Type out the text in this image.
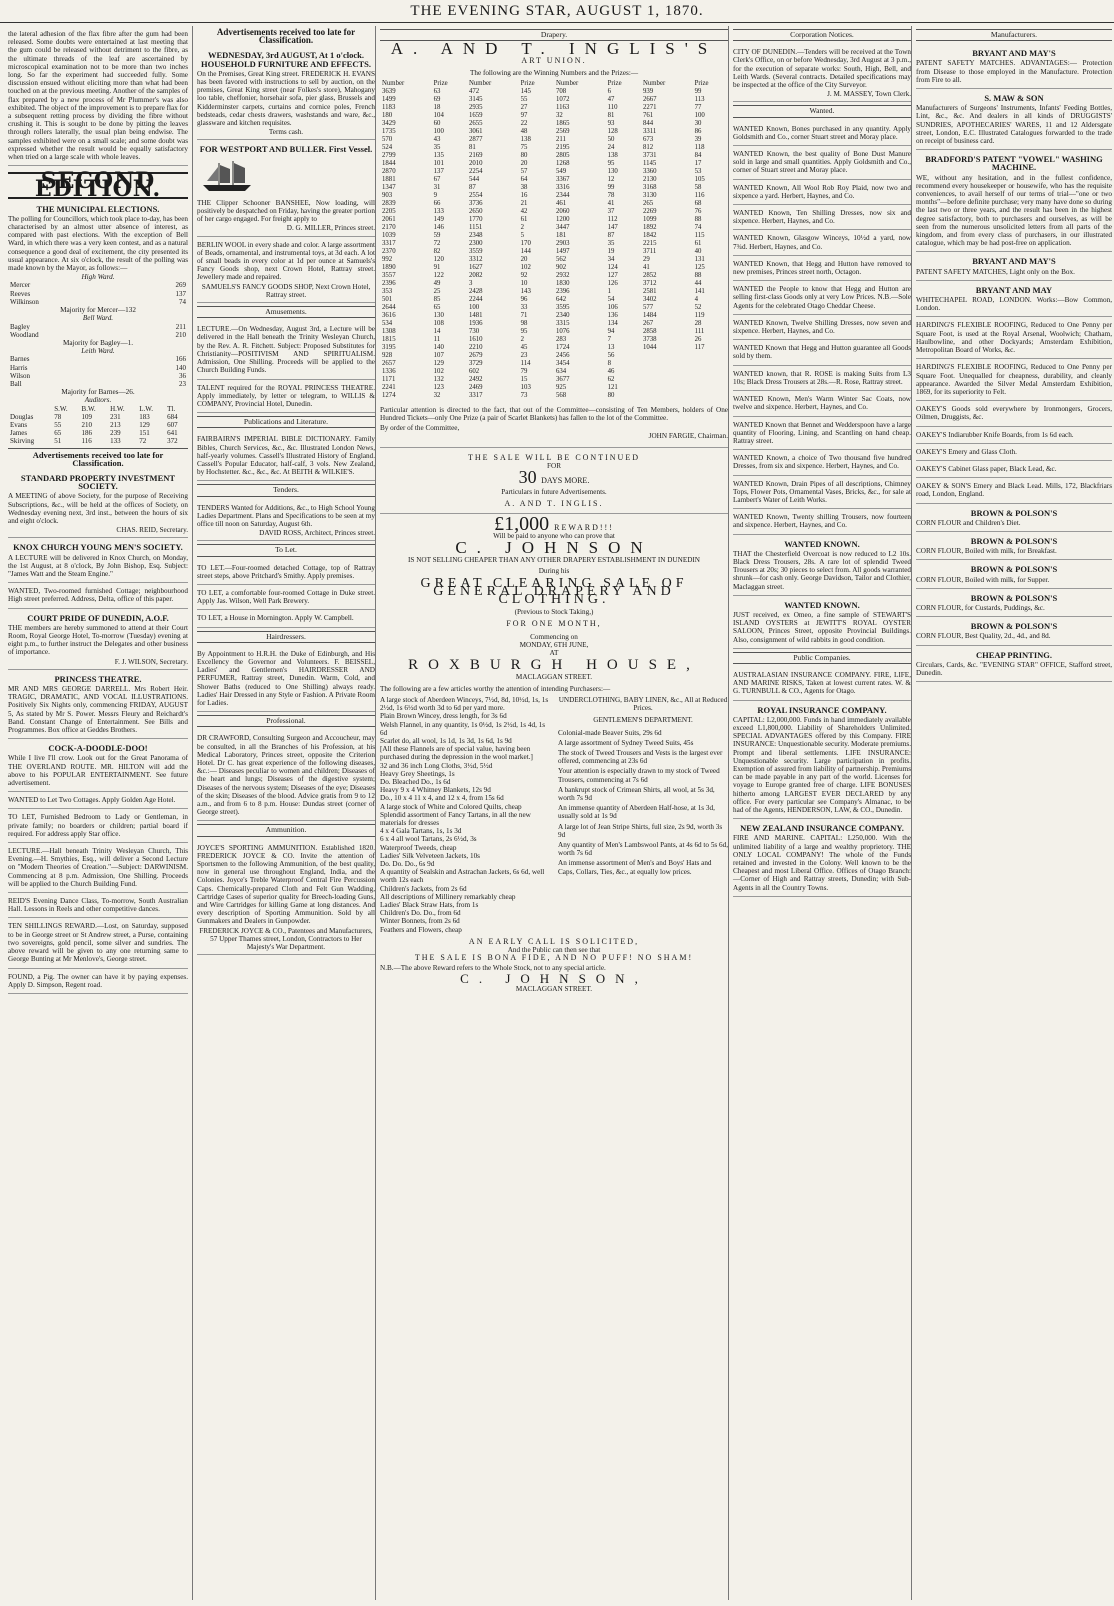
THE EVENING STAR, AUGUST 1, 1870.

the lateral adhesion of the flax fibre after the gum had been released. Some doubts were entertained at last meeting that the gum could be released without detriment to the fibre, as the ultimate threads of the leaf are ascertained by microscopical examination not to be more than two inches long. So far the experiment had succeeded fully. Some discussion ensued without eliciting more than what had been touched on at the previous meeting. Another of the samples of flax prepared by a new process of Mr Plummer's was also exhibited. The object of the improvement is to prepare flax for a subsequent retting process by dividing the fibre without crushing it. This is sought to be done by pitting the leaves through rollers laterally, the usual plan being endwise. The samples exhibited were on a small scale; and some doubt was expressed whether the result would be equally satisfactory when tried on a large scale with whole leaves.

SECOND EDITION.
THE MUNICIPAL ELECTIONS.

The polling for Councillors, which took place to-day, has been characterised by an almost utter absence of interest, as compared with past elections. With the exception of Bell Ward, in which there was a very keen contest, and as a natural consequence a good deal of excitement, the city presented its usual appearance. At six o'clock, the result of the polling was made known by the Mayor, as follows:—

High Ward.
Mercer	269
Reeves	137
Wilkinson	74
Majority for Mercer—132
Bell Ward.
Bagley	211
Woodland	210
Majority for Bagley—1.
Leith Ward.
Barnes	166
Harris	140
Wilson	36
Ball	23
Majority for Barnes—26.
Auditors.
	S.W.	B.W.	H.W.	L.W.	Tl.
Douglas	78	109	231	183	684
Evans	55	210	213	129	607
James	65	186	239	151	641
Skirving	51	116	133	72	372
Advertisements received too late for Classification.
STANDARD PROPERTY INVESTMENT SOCIETY.

A MEETING of above Society, for the purpose of Receiving Subscriptions, &c., will be held at the offices of Society, on Wednesday evening next, 3rd inst., between the hours of six and eight o'clock.

CHAS. REID, Secretary.
KNOX CHURCH YOUNG MEN'S SOCIETY.

A LECTURE will be delivered in Knox Church, on Monday, the 1st August, at 8 o'clock, By John Bishop, Esq. Subject: "James Watt and the Steam Engine."

WANTED, Two-roomed furnished Cottage; neighbourhood High street preferred. Address, Delta, office of this paper.

COURT PRIDE OF DUNEDIN, A.O.F.

THE members are hereby summoned to attend at their Court Room, Royal George Hotel, To-morrow (Tuesday) evening at eight p.m., to further instruct the Delegates and other business of importance.

F. J. WILSON, Secretary.
PRINCESS THEATRE.

MR AND MRS GEORGE DARRELL. Mrs Robert Heir. TRAGIC, DRAMATIC, AND VOCAL ILLUSTRATIONS. Positively Six Nights only, commencing FRIDAY, AUGUST 5, As stated by Mr S. Power. Messrs Fleury and Reichardt's Band. Constant Change of Entertainment. See Bills and Programmes. Box office at Geddes Brothers.

COCK-A-DOODLE-DOO!

While I live I'll crow. Look out for the Great Panorama of THE OVERLAND ROUTE. MR. HILTON will add the above to his POPULAR ENTERTAINMENT. See future advertisement.

WANTED to Let Two Cottages. Apply Golden Age Hotel.

TO LET, Furnished Bedroom to Lady or Gentleman, in private family; no boarders or children; partial board if required. For address apply Star office.

LECTURE.—Hall beneath Trinity Wesleyan Church, This Evening.—H. Smythies, Esq., will deliver a Second Lecture on "Modern Theories of Creation."—Subject: DARWINISM. Commencing at 8 p.m. Admission, One Shilling. Proceeds will be applied to the Church Building Fund.

REID'S Evening Dance Class, To-morrow, South Australian Hall. Lessons in Reels and other competitive dances.

TEN SHILLINGS REWARD.—Lost, on Saturday, supposed to be in George street or St Andrew street, a Purse, containing two sovereigns, gold pencil, some silver and sundries. The above reward will be given to any one returning same to George Bunting at Mr Menlove's, George street.

FOUND, a Pig. The owner can have it by paying expenses. Apply D. Simpson, Regent road.

Advertisements received too late for Classification.
WEDNESDAY, 3rd AUGUST, At 1 o'clock. HOUSEHOLD FURNITURE AND EFFECTS.

On the Premises, Great King street. FREDERICK H. EVANS has been favored with instructions to sell by auction, on the premises, Great King street (near Folkes's store), Mahogany loo table, cheffonier, horsehair sofa, pier glass, Brussels and Kidderminster carpets, curtains and cornice poles, French bedsteads, cedar chests drawers, washstands and ware, &c., glassware and kitchen requisites.

Terms cash.
FOR WESTPORT AND BULLER. First Vessel.

THE Clipper Schooner BANSHEE, Now loading, will positively be despatched on Friday, having the greater portion of her cargo engaged. For freight apply to

D. G. MILLER, Princes street.

BERLIN WOOL in every shade and color. A large assortment of Beads, ornamental, and instrumental toys, at 3d each. A lot of small beads in every color at 1d per ounce at Samuels's Fancy Goods shop, next Crown Hotel, Rattray street. Jewellery made and repaired.

SAMUELS'S FANCY GOODS SHOP, Next Crown Hotel, Rattray street.
Amusements.

LECTURE.—On Wednesday, August 3rd, a Lecture will be delivered in the Hall beneath the Trinity Wesleyan Church, by the Rev. A. R. Fitchett. Subject: Proposed Substitutes for Christianity—POSITIVISM AND SPIRITUALISM. Admission, One Shilling. Proceeds will be applied to the Church Building Funds.

TALENT required for the ROYAL PRINCESS THEATRE. Apply immediately, by letter or telegram, to WILLIS & COMPANY, Provincial Hotel, Dunedin.

Publications and Literature.

FAIRBAIRN'S IMPERIAL BIBLE DICTIONARY. Family Bibles, Church Services, &c., &c. Illustrated London News, half-yearly volumes. Cassell's Illustrated History of England. Cassell's Popular Educator, half-calf, 3 vols. New Zealand, by Hochstetter. &c., &c., &c. At BEITH & WILKIE'S.

Tenders.

TENDERS Wanted for Additions, &c., to High School Young Ladies Department. Plans and Specifications to be seen at my office till noon on Saturday, August 6th.

DAVID ROSS, Architect, Princes street.
To Let.

TO LET.—Four-roomed detached Cottage, top of Rattray street steps, above Pritchard's Smithy. Apply premises.

TO LET, a comfortable four-roomed Cottage in Duke street. Apply Jas. Wilson, Well Park Brewery.

TO LET, a House in Mornington. Apply W. Campbell.

Hairdressers.

By Appointment to H.R.H. the Duke of Edinburgh, and His Excellency the Governor and Volunteers. F. BEISSEL, Ladies' and Gentlemen's HAIRDRESSER AND PERFUMER, Rattray street, Dunedin. Warm, Cold, and Shower Baths (reduced to One Shilling) always ready. Ladies' Hair Dressed in any Style or Fashion. A Private Room for Ladies.

Professional.

DR CRAWFORD, Consulting Surgeon and Accoucheur, may be consulted, in all the Branches of his Profession, at his Medical Laboratory, Princes street, opposite the Criterion Hotel. Dr C. has great experience of the following diseases, &c.:— Diseases peculiar to women and children; Diseases of the heart and lungs; Diseases of the digestive system; Diseases of the nervous system; Diseases of the eye; Diseases of the skin; Diseases of the blood. Advice gratis from 9 to 12 a.m., and from 6 to 8 p.m. House: Dundas street (corner of George street).

Ammunition.

JOYCE'S SPORTING AMMUNITION. Established 1820. FREDERICK JOYCE & CO. Invite the attention of Sportsmen to the following Ammunition, of the best quality, now in general use throughout England, India, and the Colonies. Joyce's Treble Waterproof Central Fire Percussion Caps. Chemically-prepared Cloth and Felt Gun Wadding, Cartridge Cases of superior quality for Breech-loading Guns, and Wire Cartridges for killing Game at long distances. And every description of Sporting Ammunition. Sold by all Gunmakers and Dealers in Gunpowder.

FREDERICK JOYCE & CO., Patentees and Manufacturers, 57 Upper Thames street, London, Contractors to Her Majesty's War Department.
Drapery.
A. AND T. INGLIS'S
ART UNION.
The following are the Winning Numbers and the Prizes:—
Number	Prize	Number	Prize	Number	Prize	Number	Prize
3639	63	472	145	708	6	939	99
1499	69	3145	55	1072	47	2667	113
1183	18	2935	27	1163	110	2271	77
180	104	1659	97	32	81	761	100
3429	60	2655	22	1865	93	844	30
1735	100	3061	48	2569	128	3311	86
570	43	2877	138	211	50	673	39
524	35	81	75	2195	24	812	118
2799	135	2169	80	2805	138	3731	84
1844	101	2010	20	1268	95	1145	17
2870	137	2254	57	549	130	3360	53
1881	67	544	64	3367	12	2130	105
1347	31	87	38	3316	99	3168	58
903	9	2554	16	2344	78	3130	116
2839	66	3736	21	461	41	265	68
2205	133	2650	42	2060	37	2269	76
2061	149	1770	61	1200	112	1099	88
2170	146	1151	2	3447	147	1892	74
1039	59	2348	5	181	87	1842	115
3317	72	2300	170	2903	35	2215	61
2370	82	3559	144	1497	19	3711	40
992	120	3312	20	562	34	29	131
1890	91	1627	102	902	124	41	125
3557	122	2082	92	2932	127	2852	88
2396	49	3	10	1830	126	3712	44
353	25	2428	143	2396	1	2581	141
501	85	2244	96	642	54	3402	4
2644	65	100	33	3595	106	577	52
3616	130	1481	71	2340	136	1484	119
534	108	1936	98	3315	134	267	28
1308	14	730	95	1076	94	2858	111
1815	11	1610	2	283	7	3738	26
3195	140	2210	45	1724	13	1044	117
928	107	2679	23	2456	56		
2657	129	3729	114	3454	8		
1336	102	602	79	634	46		
1171	132	2492	15	3677	62		
2241	123	2469	103	925	121		
1274	32	3317	73	568	80		

Particular attention is directed to the fact, that out of the Committee—consisting of Ten Members, holders of One Hundred Tickets—only One Prize (a pair of Scarlet Blankets) has fallen to the lot of the Committee.

By order of the Committee,
JOHN FARGIE, Chairman.
THE SALE WILL BE CONTINUED
FOR
30 DAYS MORE.
Particulars in future Advertisements.
A. AND T. INGLIS.
£1,000 REWARD!!!
Will be paid to anyone who can prove that
C. JOHNSON
IS NOT SELLING CHEAPER THAN ANY OTHER DRAPERY ESTABLISHMENT IN DUNEDIN
During his
GREAT CLEARING SALE OF GENERAL DRAPERY AND CLOTHING.
(Previous to Stock Taking,)
FOR ONE MONTH,
Commencing on
MONDAY, 6TH JUNE,
AT
ROXBURGH HOUSE,
MACLAGGAN STREET.
The following are a few articles worthy the attention of intending Purchasers:—
A large stock of Aberdeen Winceys, 7½d, 8d, 10½d, 1s, 1s 2½d, 1s 6½d worth 3d to 6d per yard more.
Plain Brown Wincey, dress length, for 3s 6d
Welsh Flannel, in any quantity, 1s 0½d, 1s 2½d, 1s 4d, 1s 6d
Scarlet do, all wool, 1s 1d, 1s 3d, 1s 6d, 1s 9d
[All these Flannels are of special value, having been purchased during the depression in the wool market.]
32 and 36 inch Long Cloths, 3½d, 5½d
Heavy Grey Sheetings, 1s
Do. Bleached Do., 1s 6d
Heavy 9 x 4 Whitney Blankets, 12s 9d
Do., 10 x 4 11 x 4, and 12 x 4, from 15s 6d
A large stock of White and Colored Quilts, cheap
Splendid assortment of Fancy Tartans, in all the new materials for dresses
4 x 4 Gala Tartans, 1s, 1s 3d
6 x 4 all wool Tartans, 2s 6½d, 3s
Waterproof Tweeds, cheap
Ladies' Silk Velveteen Jackets, 10s
Do. Do. Do., 6s 9d
A quantity of Sealskin and Astrachan Jackets, 6s 6d, well worth 12s each
Children's Jackets, from 2s 6d
All descriptions of Millinery remarkably cheap
Ladies' Black Straw Hats, from 1s
Children's Do. Do., from 6d
Winter Bonnets, from 2s 6d
Feathers and Flowers, cheap
UNDERCLOTHING, BABY LINEN, &c., All at Reduced Prices.
GENTLEMEN'S DEPARTMENT.
Colonial-made Beaver Suits, 29s 6d
A large assortment of Sydney Tweed Suits, 45s
The stock of Tweed Trousers and Vests is the largest ever offered, commencing at 23s 6d
Your attention is especially drawn to my stock of Tweed Trousers, commencing at 7s 6d
A bankrupt stock of Crimean Shirts, all wool, at 5s 3d, worth 7s 9d
An immense quantity of Aberdeen Half-hose, at 1s 3d, usually sold at 1s 9d
A large lot of Jean Stripe Shirts, full size, 2s 9d, worth 3s 9d
Any quantity of Men's Lambswool Pants, at 4s 6d to 5s 6d, worth 7s 6d
An immense assortment of Men's and Boys' Hats and Caps, Collars, Ties, &c., at equally low prices.
AN EARLY CALL IS SOLICITED,
And the Public can then see that
THE SALE IS BONA FIDE, AND NO PUFF! NO SHAM!
N.B.—The above Reward refers to the Whole Stock, not to any special article.
C. JOHNSON,
MACLAGGAN STREET.
Corporation Notices.

CITY OF DUNEDIN.—Tenders will be received at the Town Clerk's Office, on or before Wednesday, 3rd August at 3 p.m., for the execution of separate works: South, High, Bell, and Leith Wards. (Several contracts. Detailed specifications may be inspected at the office of the City Surveyor.

J. M. MASSEY, Town Clerk.
Wanted.

WANTED Known, Bones purchased in any quantity. Apply Goldsmith and Co., corner Stuart street and Moray place.

WANTED Known, the best quality of Bone Dust Manure sold in large and small quantities. Apply Goldsmith and Co., corner of Stuart street and Moray place.

WANTED Known, All Wool Rob Roy Plaid, now two and sixpence a yard. Herbert, Haynes, and Co.

WANTED Known, Ten Shilling Dresses, now six and sixpence. Herbert, Haynes, and Co.

WANTED Known, Glasgow Winceys, 10½d a yard, now 7¾d. Herbert, Haynes, and Co.

WANTED Known, that Hegg and Hutton have removed to new premises, Princes street north, Octagon.

WANTED the People to know that Hegg and Hutton are selling first-class Goods only at very Low Prices. N.B.—Sole Agents for the celebrated Otago Cheddar Cheese.

WANTED Known, Twelve Shilling Dresses, now seven and sixpence. Herbert, Haynes, and Co.

WANTED Known that Hegg and Hutton guarantee all Goods sold by them.

WANTED known, that R. ROSE is making Suits from L3 10s; Black Dress Trousers at 28s.—R. Rose, Rattray street.

WANTED Known, Men's Warm Winter Sac Coats, now twelve and sixpence. Herbert, Haynes, and Co.

WANTED Known that Bennet and Wedderspoon have a large quantity of Flooring, Lining, and Scantling on hand cheap. Rattray street.

WANTED Known, a choice of Two thousand five hundred Dresses, from six and sixpence. Herbert, Haynes, and Co.

WANTED Known, Drain Pipes of all descriptions, Chimney Tops, Flower Pots, Ornamental Vases, Bricks, &c., for sale at Lambert's Water of Leith Works.

WANTED Known, Twenty shilling Trousers, now fourteen and sixpence. Herbert, Haynes, and Co.

WANTED KNOWN.

THAT the Chesterfield Overcoat is now reduced to L2 10s. Black Dress Trousers, 28s. A rare lot of splendid Tweed Trousers at 20s; 30 pieces to select from. All goods warranted shrunk—for cash only. George Davidson, Tailor and Clothier, Maclaggan street.

WANTED KNOWN.

JUST received, ex Omeo, a fine sample of STEWART'S ISLAND OYSTERS at JEWITT'S ROYAL OYSTER SALOON, Princes Street, opposite Provincial Buildings. Also, consignment of wild rabbits in good condition.

Public Companies.

AUSTRALASIAN INSURANCE COMPANY. FIRE, LIFE, AND MARINE RISKS, Taken at lowest current rates. W. & G. TURNBULL & CO., Agents for Otago.

ROYAL INSURANCE COMPANY.

CAPITAL: L2,000,000. Funds in hand immediately available exceed L1,800,000. Liability of Shareholders Unlimited. SPECIAL ADVANTAGES offered by this Company. FIRE INSURANCE: Unquestionable security. Moderate premiums. Prompt and liberal settlements. LIFE INSURANCE: Unquestionable security. Large participation in profits. Exemption of assured from liability of partnership. Premiums can be made payable in any part of the world. Licenses for voyage to Europe granted free of charge. LIFE BONUSES hitherto among LARGEST EVER DECLARED by any office. For every particular see Company's Almanac, to be had of the Agents, HENDERSON, LAW, & CO., Dunedin.

NEW ZEALAND INSURANCE COMPANY.

FIRE AND MARINE. CAPITAL: L250,000. With the unlimited liability of a large and wealthy proprietory. THE ONLY LOCAL COMPANY! The whole of the Funds retained and invested in the Colony. Well known to be the Cheapest and most Liberal Office. Offices of Otago Branch:—Corner of High and Rattray streets, Dunedin; with Sub-Agents in all the Country Towns.

Manufacturers.
BRYANT AND MAY'S

PATENT SAFETY MATCHES. ADVANTAGES:— Protection from Disease to those employed in the Manufacture. Protection from Fire to all.

S. MAW & SON

Manufacturers of Surgeons' Instruments, Infants' Feeding Bottles, Lint, &c., &c. And dealers in all kinds of DRUGGISTS' SUNDRIES, APOTHECARIES' WARES, 11 and 12 Aldersgate street, London, E.C. Illustrated Catalogues forwarded to the trade on receipt of business card.

BRADFORD'S PATENT "VOWEL" WASHING MACHINE.

WE, without any hesitation, and in the fullest confidence, recommend every housekeeper or housewife, who has the requisite conveniences, to avail herself of our terms of trial—"one or two months"—before definite purchase; very many have done so during the last two or three years, and the result has been in the highest degree satisfactory, both to purchasers and ourselves, as will be seen from the numerous unsolicited letters from all parts of the kingdom, and from every class of purchasers, in our illustrated catalogue, which may be had post-free on application.

BRYANT AND MAY'S

PATENT SAFETY MATCHES, Light only on the Box.

BRYANT AND MAY

WHITECHAPEL ROAD, LONDON. Works:—Bow Common, London.

HARDING'S FLEXIBLE ROOFING, Reduced to One Penny per Square Foot, is used at the Royal Arsenal, Woolwich; Chatham, Haulbowline, and other Dockyards; Amsterdam Exhibition, Metropolitan Board of Works, &c.

HARDING'S FLEXIBLE ROOFING, Reduced to One Penny per Square Foot. Unequalled for cheapness, durability, and cleanly appearance. Awarded the Silver Medal Amsterdam Exhibition, 1869, for its superiority to Felt.

OAKEY'S Goods sold everywhere by Ironmongers, Grocers, Oilmen, Druggists, &c.

OAKEY'S Indiarubber Knife Boards, from 1s 6d each.

OAKEY'S Emery and Glass Cloth.

OAKEY'S Cabinet Glass paper, Black Lead, &c.

OAKEY & SON'S Emery and Black Lead. Mills, 172, Blackfriars road, London, England.

BROWN & POLSON'S

CORN FLOUR and Children's Diet.

BROWN & POLSON'S

CORN FLOUR, Boiled with milk, for Breakfast.

BROWN & POLSON'S

CORN FLOUR, Boiled with milk, for Supper.

BROWN & POLSON'S

CORN FLOUR, for Custards, Puddings, &c.

BROWN & POLSON'S

CORN FLOUR, Best Quality, 2d., 4d., and 8d.

CHEAP PRINTING.

Circulars, Cards, &c. "EVENING STAR" OFFICE, Stafford street, Dunedin.
